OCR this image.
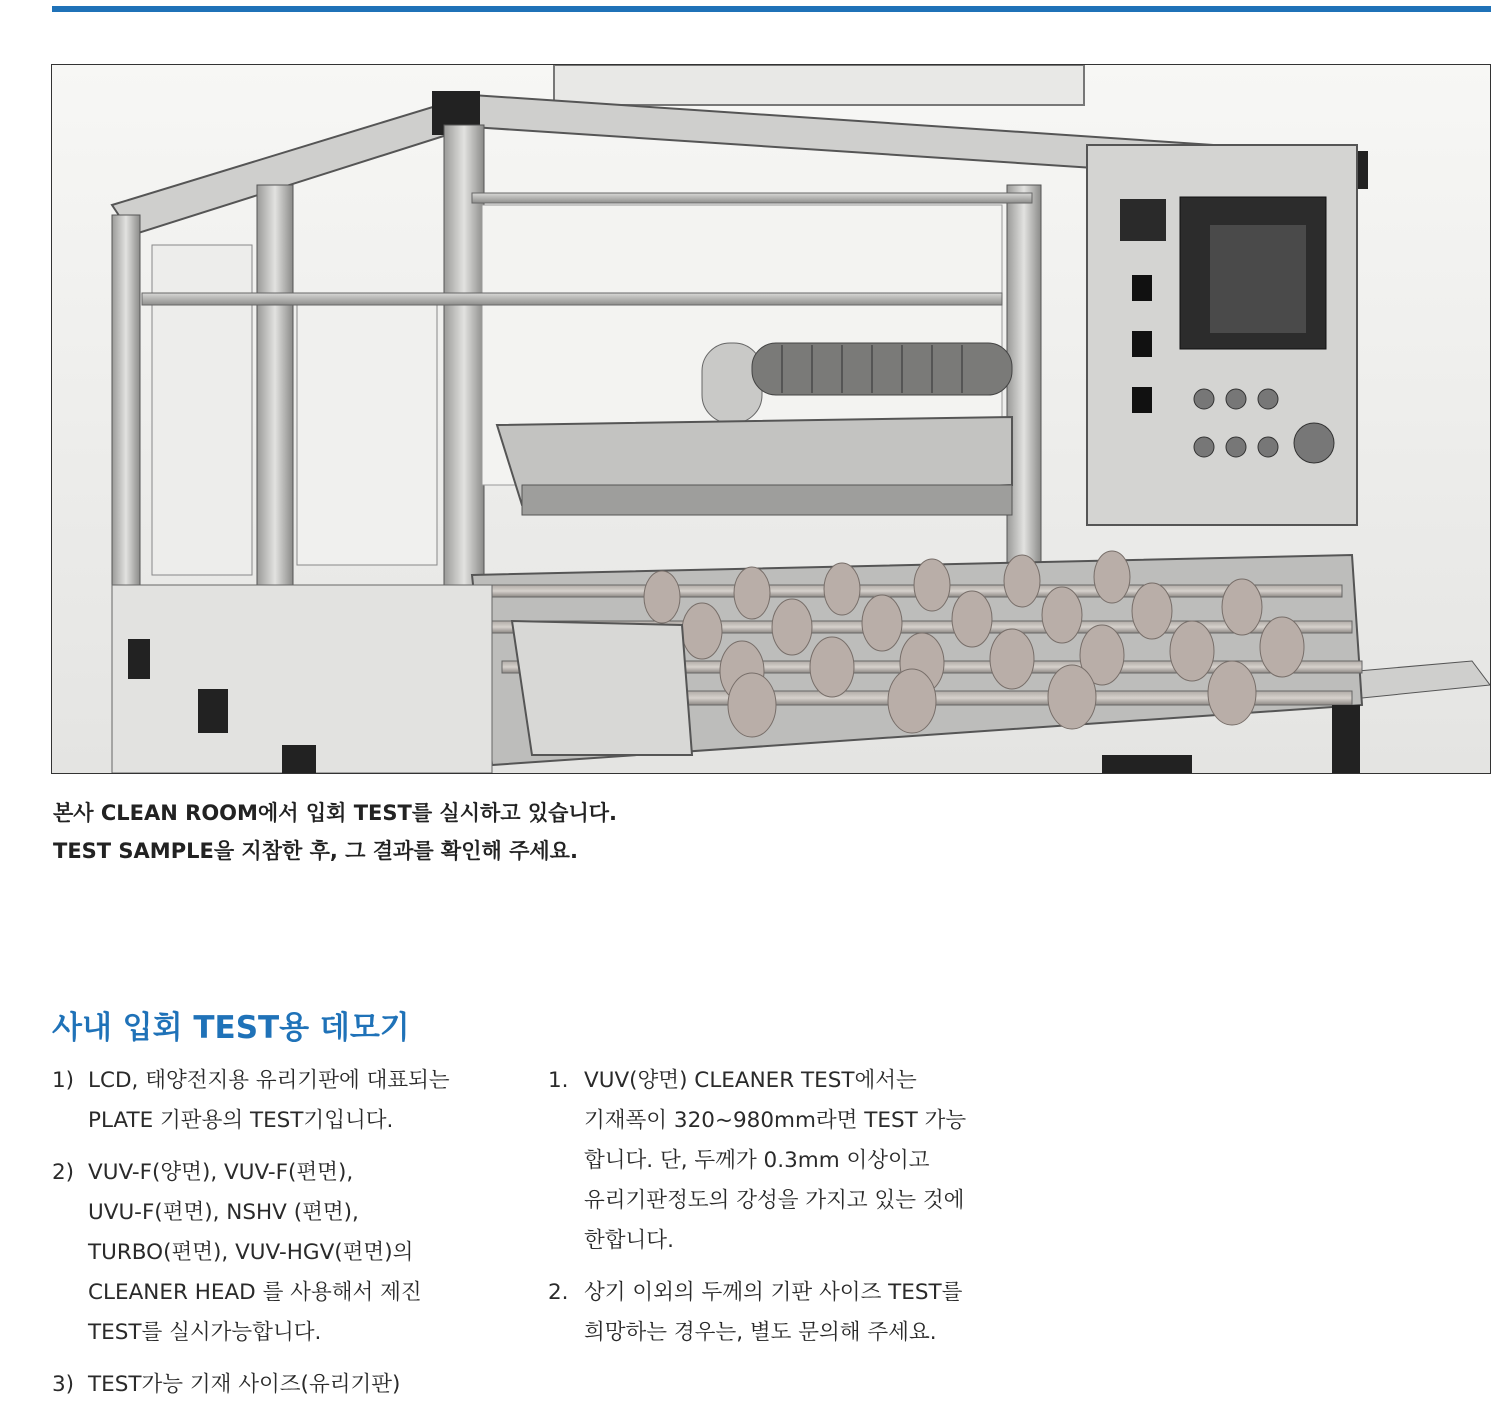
본사 CLEAN ROOM에서 입회 TEST를 실시하고 있습니다.
TEST SAMPLE을 지참한 후, 그 결과를 확인해 주세요.
사내 입회 TEST용 데모기
1) LCD, 태양전지용 유리기판에 대표되는
PLATE 기판용의 TEST기입니다.
2) VUV-F(양면), VUV-F(편면),
UVU-F(편면), NSHV (편면),
TURBO(편면), VUV-HGV(편면)의
CLEANER HEAD 를 사용해서 제진
TEST를 실시가능합니다.
3) TEST가능 기재 사이즈(유리기판)
1. VUV(양면) CLEANER TEST에서는
기재폭이 320~980mm라면 TEST 가능
합니다. 단, 두께가 0.3mm 이상이고
유리기판정도의 강성을 가지고 있는 것에
한합니다.
2. 상기 이외의 두께의 기판 사이즈 TEST를
희망하는 경우는, 별도 문의해 주세요.
